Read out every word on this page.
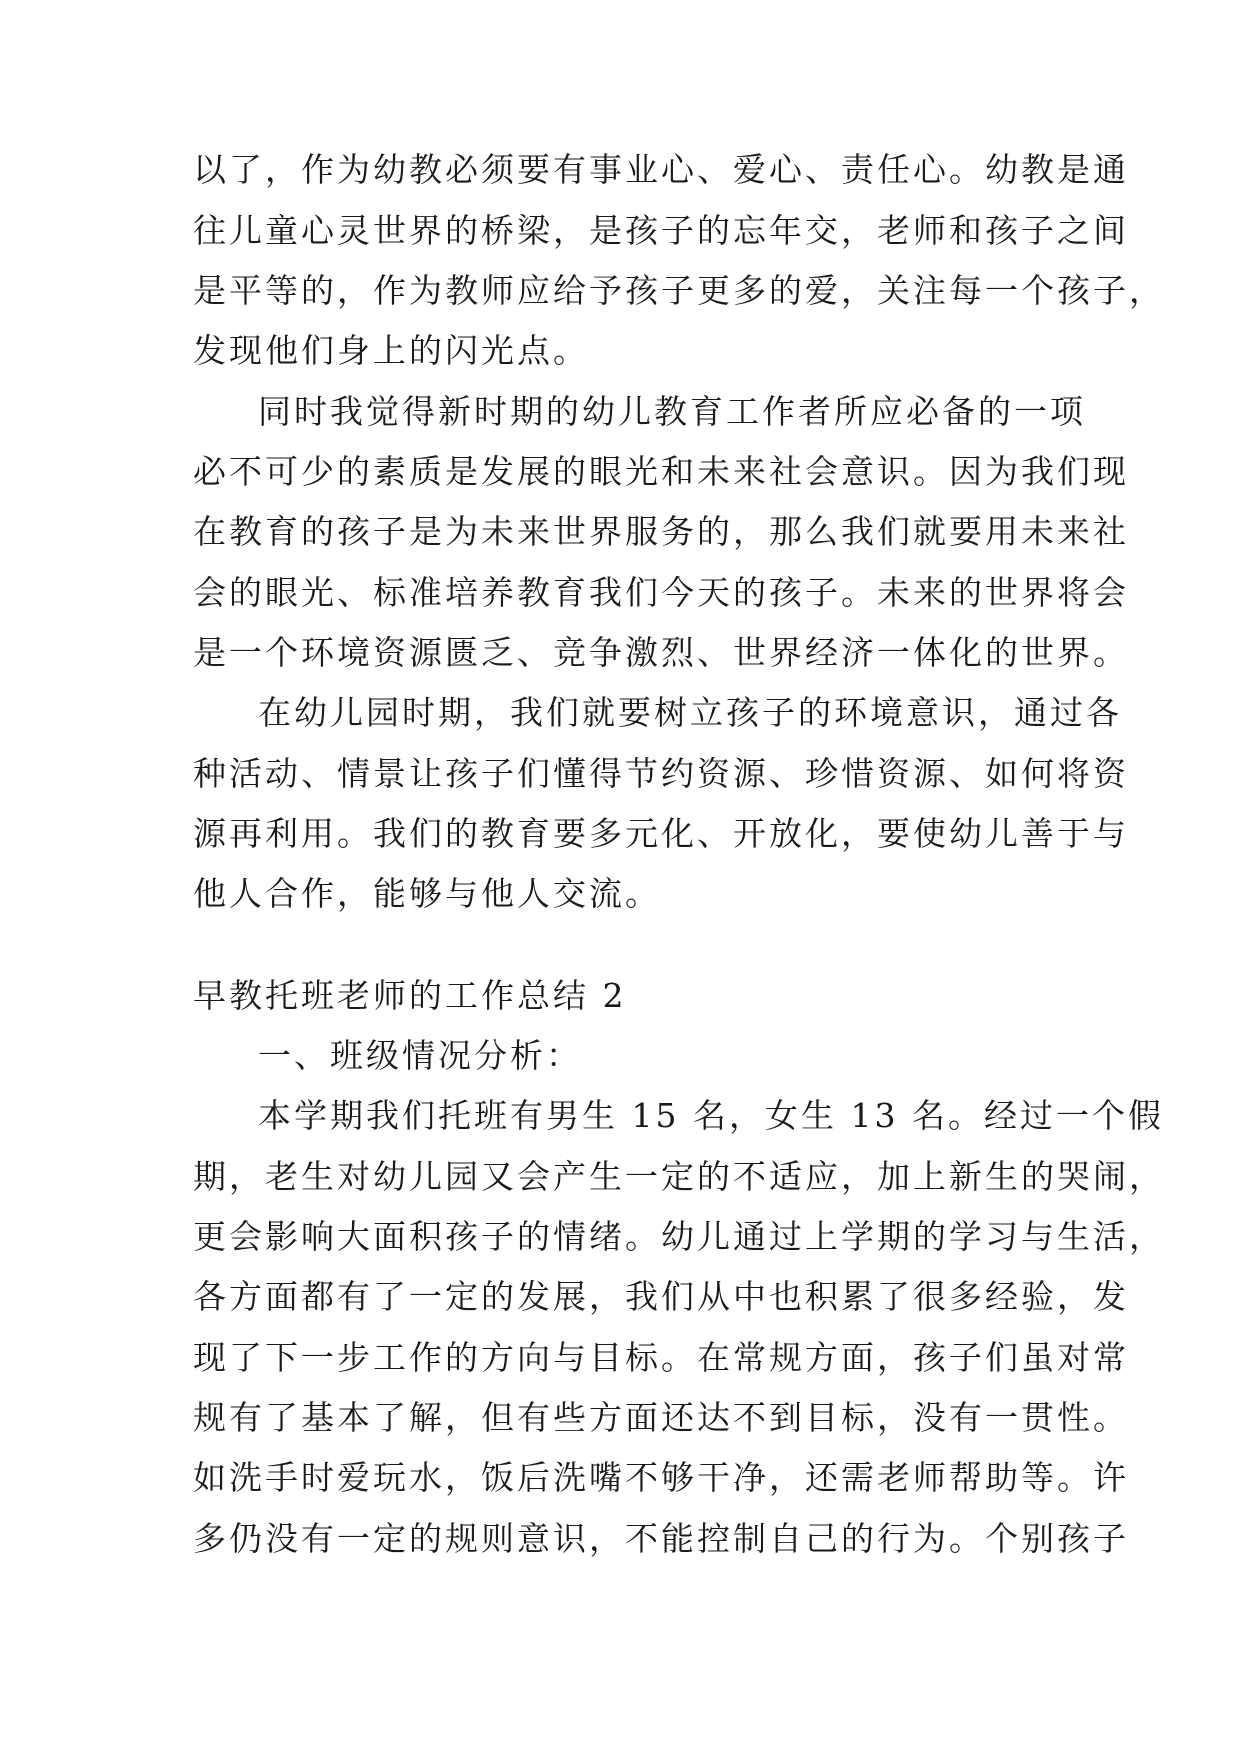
以了，作为幼教必须要有事业心、爱心、责任心。幼教是通
往儿童心灵世界的桥梁，是孩子的忘年交，老师和孩子之间
是平等的，作为教师应给予孩子更多的爱，关注每一个孩子，
发现他们身上的闪光点。
同时我觉得新时期的幼儿教育工作者所应必备的一项
必不可少的素质是发展的眼光和未来社会意识。因为我们现
在教育的孩子是为未来世界服务的，那么我们就要用未来社
会的眼光、标准培养教育我们今天的孩子。未来的世界将会
是一个环境资源匮乏、竞争激烈、世界经济一体化的世界。
在幼儿园时期，我们就要树立孩子的环境意识，通过各
种活动、情景让孩子们懂得节约资源、珍惜资源、如何将资
源再利用。我们的教育要多元化、开放化，要使幼儿善于与
他人合作，能够与他人交流。
早教托班老师的工作总结 2
一、班级情况分析：
本学期我们托班有男生 15 名，女生 13 名。经过一个假
期，老生对幼儿园又会产生一定的不适应，加上新生的哭闹，
更会影响大面积孩子的情绪。幼儿通过上学期的学习与生活，
各方面都有了一定的发展，我们从中也积累了很多经验，发
现了下一步工作的方向与目标。在常规方面，孩子们虽对常
规有了基本了解，但有些方面还达不到目标，没有一贯性。
如洗手时爱玩水，饭后洗嘴不够干净，还需老师帮助等。许
多仍没有一定的规则意识，不能控制自己的行为。个别孩子
